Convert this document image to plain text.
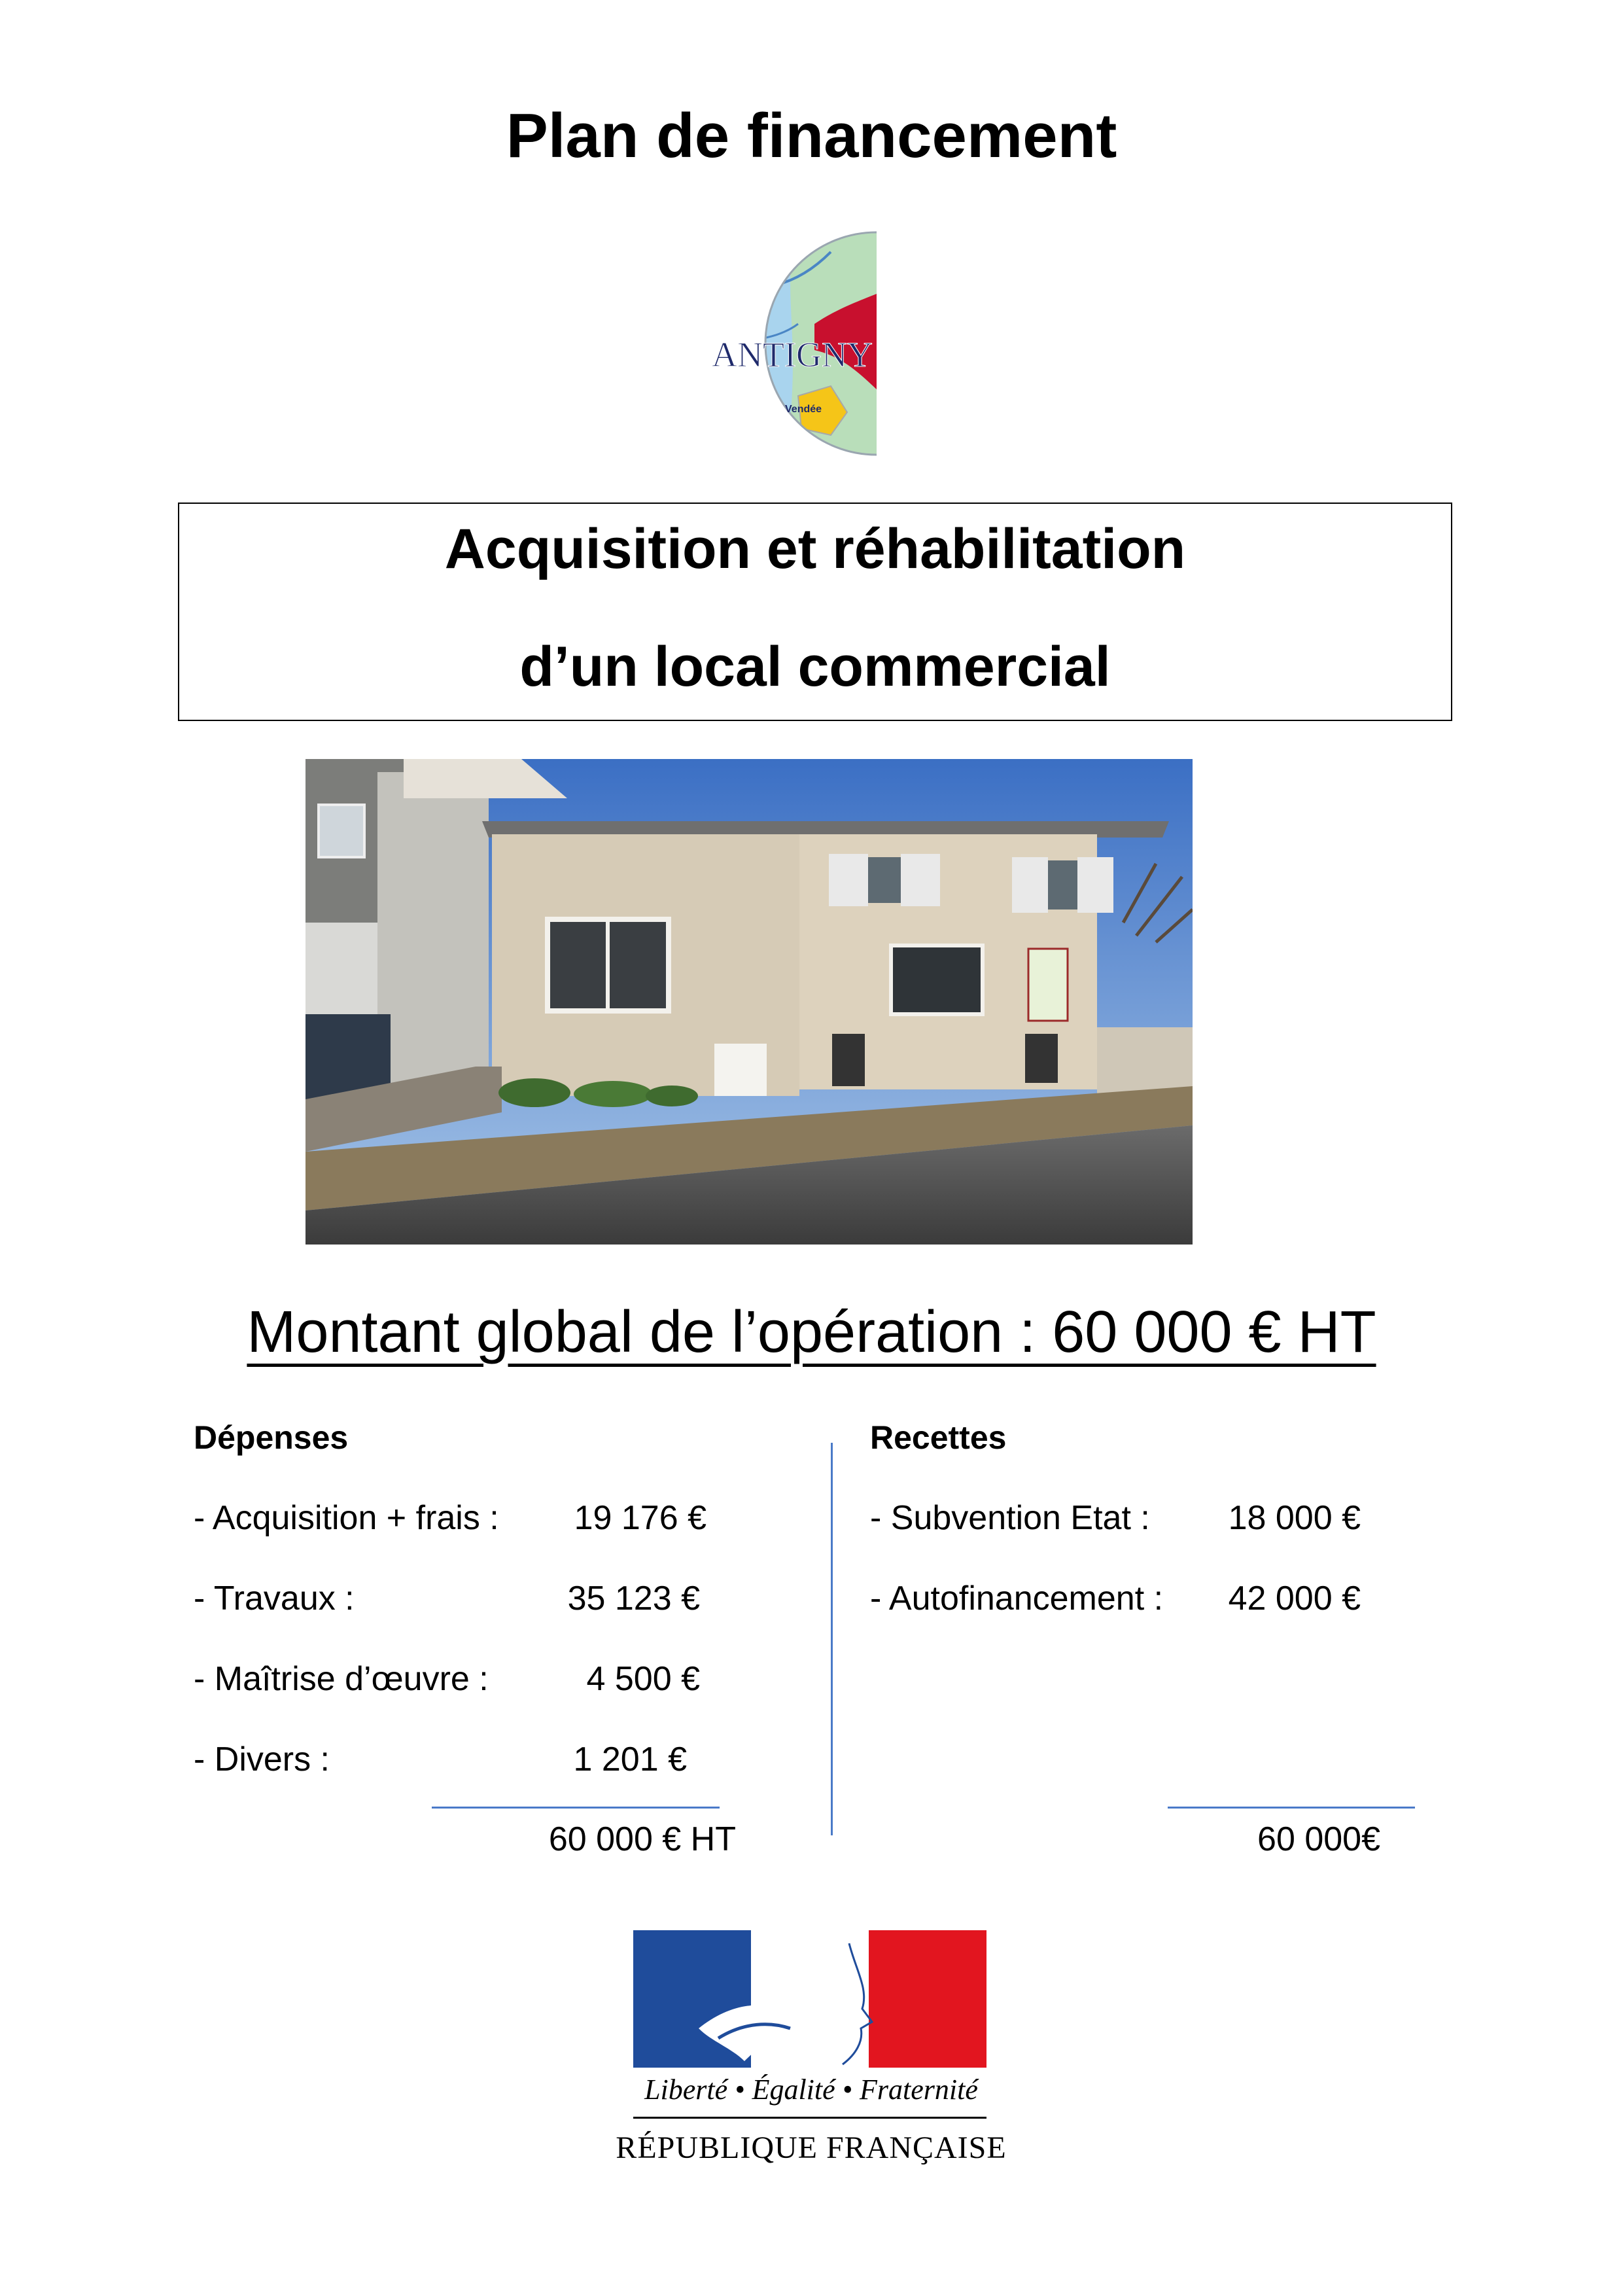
Plan de financement
ANTIGNY
Vendée
Acquisition et réhabilitation
d’un local commercial
Montant global de l’opération : 60 000 € HT
Dépenses
- Acquisition + frais :	19 176 €
- Travaux :	35 123 €
- Maîtrise d’œuvre :	4 500 €
- Divers :	1 201 €
60 000 € HT
Recettes
- Subvention Etat :	18 000 €
- Autofinancement :	42 000 €
60 000€
Liberté • Égalité • Fraternité
RÉPUBLIQUE FRANÇAISE
